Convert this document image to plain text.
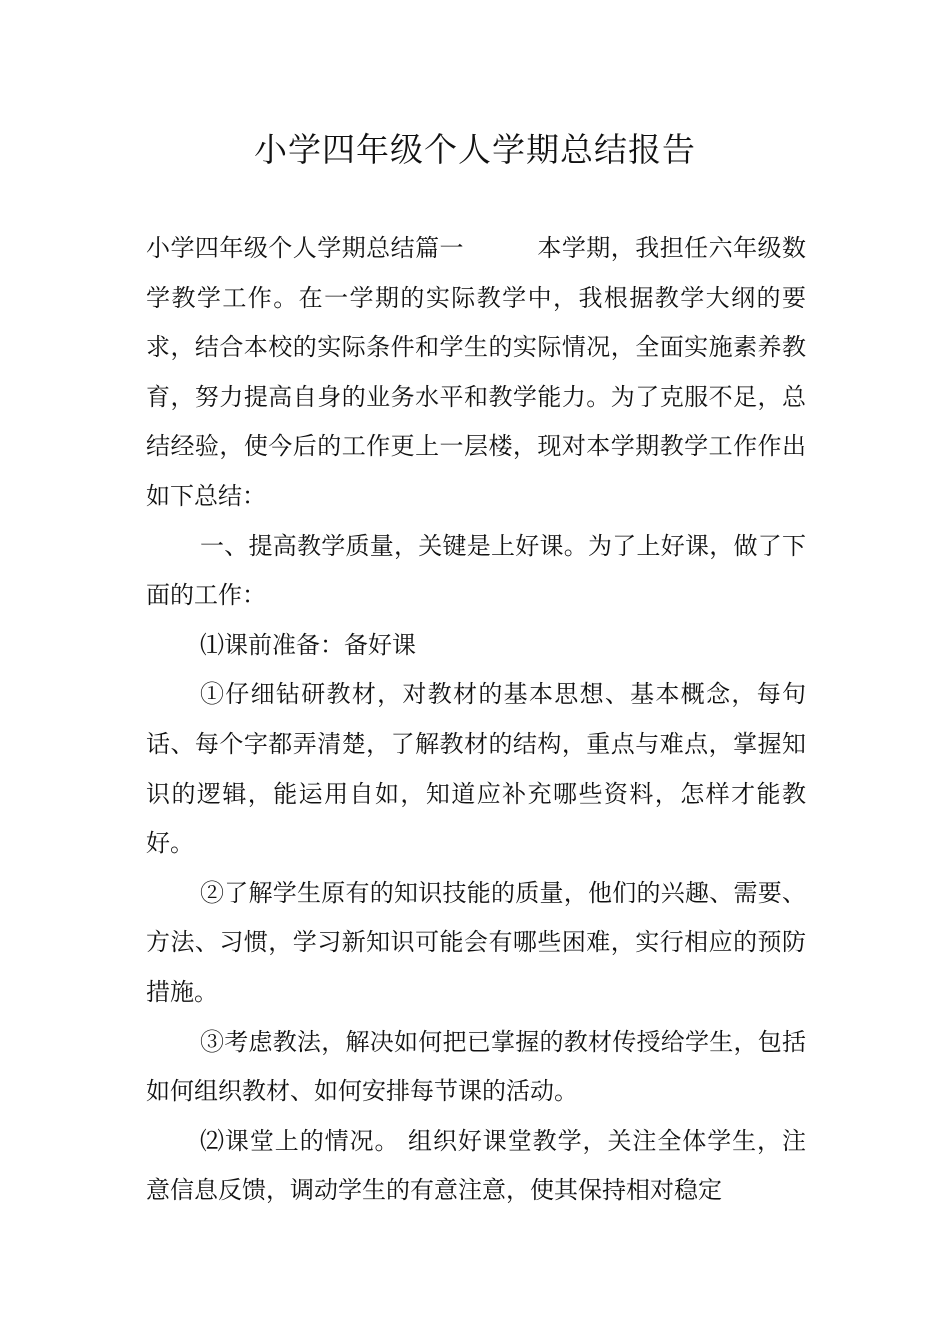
小学四年级个人学期总结报告

小学四年级个人学期总结篇一　　　本学期，我担任六年级数学教学工作。在一学期的实际教学中，我根据教学大纲的要求，结合本校的实际条件和学生的实际情况，全面实施素养教育，努力提高自身的业务水平和教学能力。为了克服不足，总结经验，使今后的工作更上一层楼，现对本学期教学工作作出如下总结：

一、提高教学质量，关键是上好课。为了上好课，做了下面的工作：

⑴课前准备：备好课

①仔细钻研教材，对教材的基本思想、基本概念，每句话、每个字都弄清楚，了解教材的结构，重点与难点，掌握知识的逻辑，能运用自如，知道应补充哪些资料，怎样才能教好。

②了解学生原有的知识技能的质量，他们的兴趣、需要、方法、习惯，学习新知识可能会有哪些困难，实行相应的预防措施。

③考虑教法，解决如何把已掌握的教材传授给学生，包括如何组织教材、如何安排每节课的活动。

⑵课堂上的情况。 组织好课堂教学，关注全体学生，注意信息反馈，调动学生的有意注意，使其保持相对稳定
